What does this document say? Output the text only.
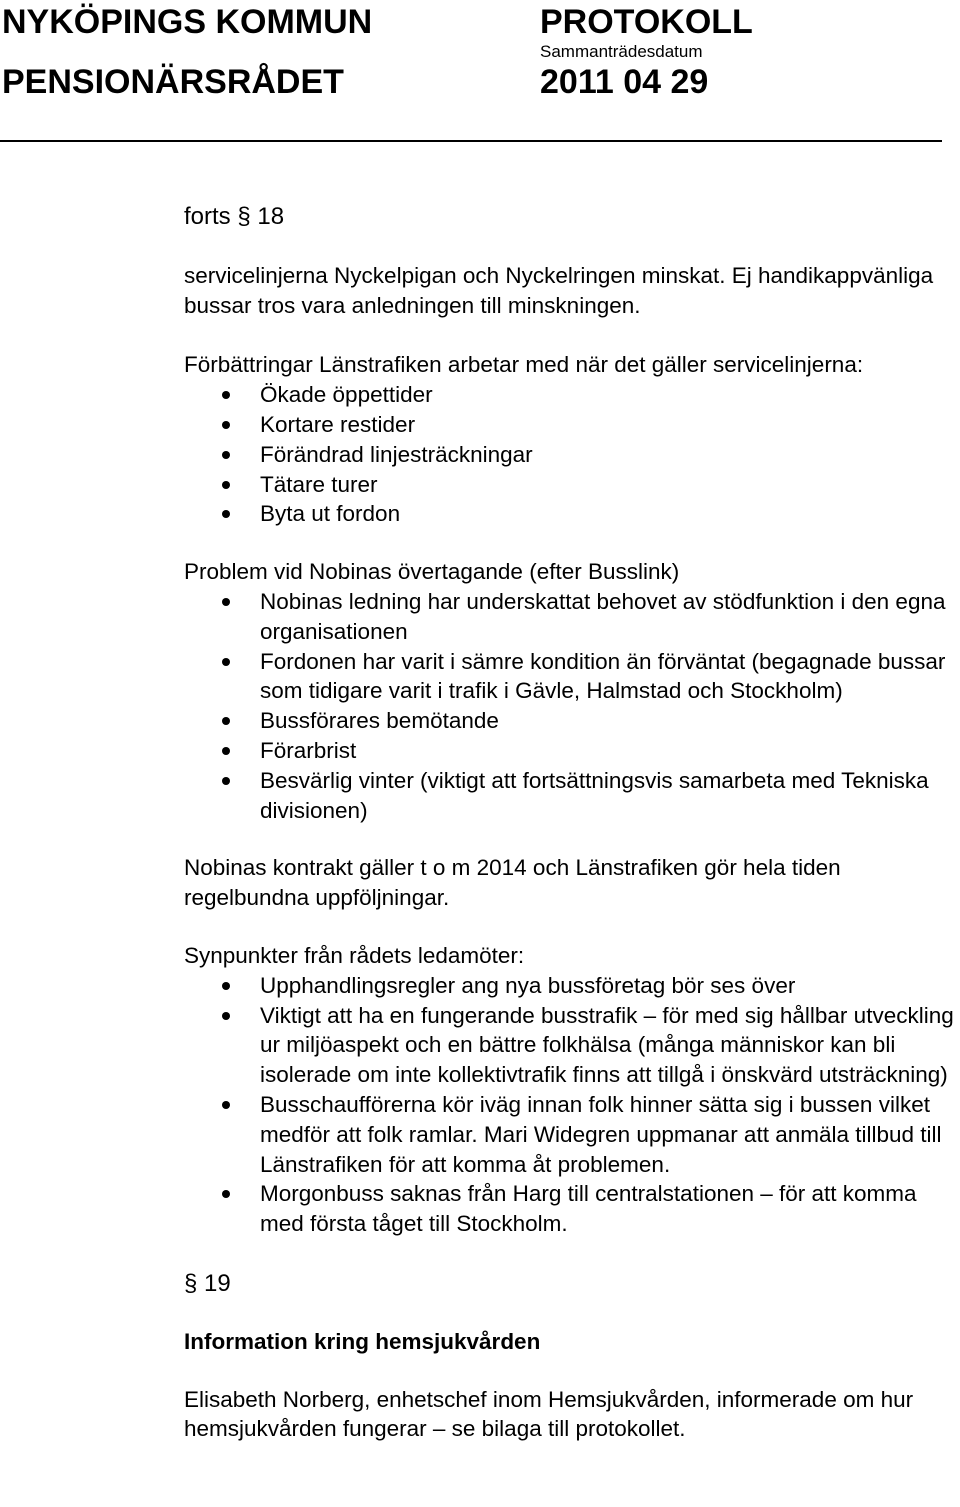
NYKÖPINGS KOMMUN
PENSIONÄRSRÅDET
PROTOKOLL
Sammanträdesdatum
2011 04 29

forts § 18

servicelinjerna Nyckelpigan och Nyckelringen minskat. Ej handikappvänliga bussar tros vara anledningen till minskningen.

Förbättringar Länstrafiken arbetar med när det gäller servicelinjerna:

Ökade öppettider
Kortare restider
Förändrad linjesträckningar
Tätare turer
Byta ut fordon

Problem vid Nobinas övertagande (efter Busslink)

Nobinas ledning har underskattat behovet av stödfunktion i den egna organisationen
Fordonen har varit i sämre kondition än förväntat (begagnade bussar som tidigare varit i trafik i Gävle, Halmstad och Stockholm)
Bussförares bemötande
Förarbrist
Besvärlig vinter (viktigt att fortsättningsvis samarbeta med Tekniska divisionen)

Nobinas kontrakt gäller t o m 2014 och Länstrafiken gör hela tiden regelbundna uppföljningar.

Synpunkter från rådets ledamöter:

Upphandlingsregler ang nya bussföretag bör ses över
Viktigt att ha en fungerande busstrafik – för med sig hållbar utveckling ur miljöaspekt och en bättre folkhälsa (många människor kan bli isolerade om inte kollektivtrafik finns att tillgå i önskvärd utsträckning)
Busschaufförerna kör iväg innan folk hinner sätta sig i bussen vilket medför att folk ramlar. Mari Widegren uppmanar att anmäla tillbud till Länstrafiken för att komma åt problemen.
Morgonbuss saknas från Harg till centralstationen – för att komma med första tåget till Stockholm.

§ 19

Information kring hemsjukvården

Elisabeth Norberg, enhetschef inom Hemsjukvården, informerade om hur hemsjukvården fungerar – se bilaga till protokollet.
